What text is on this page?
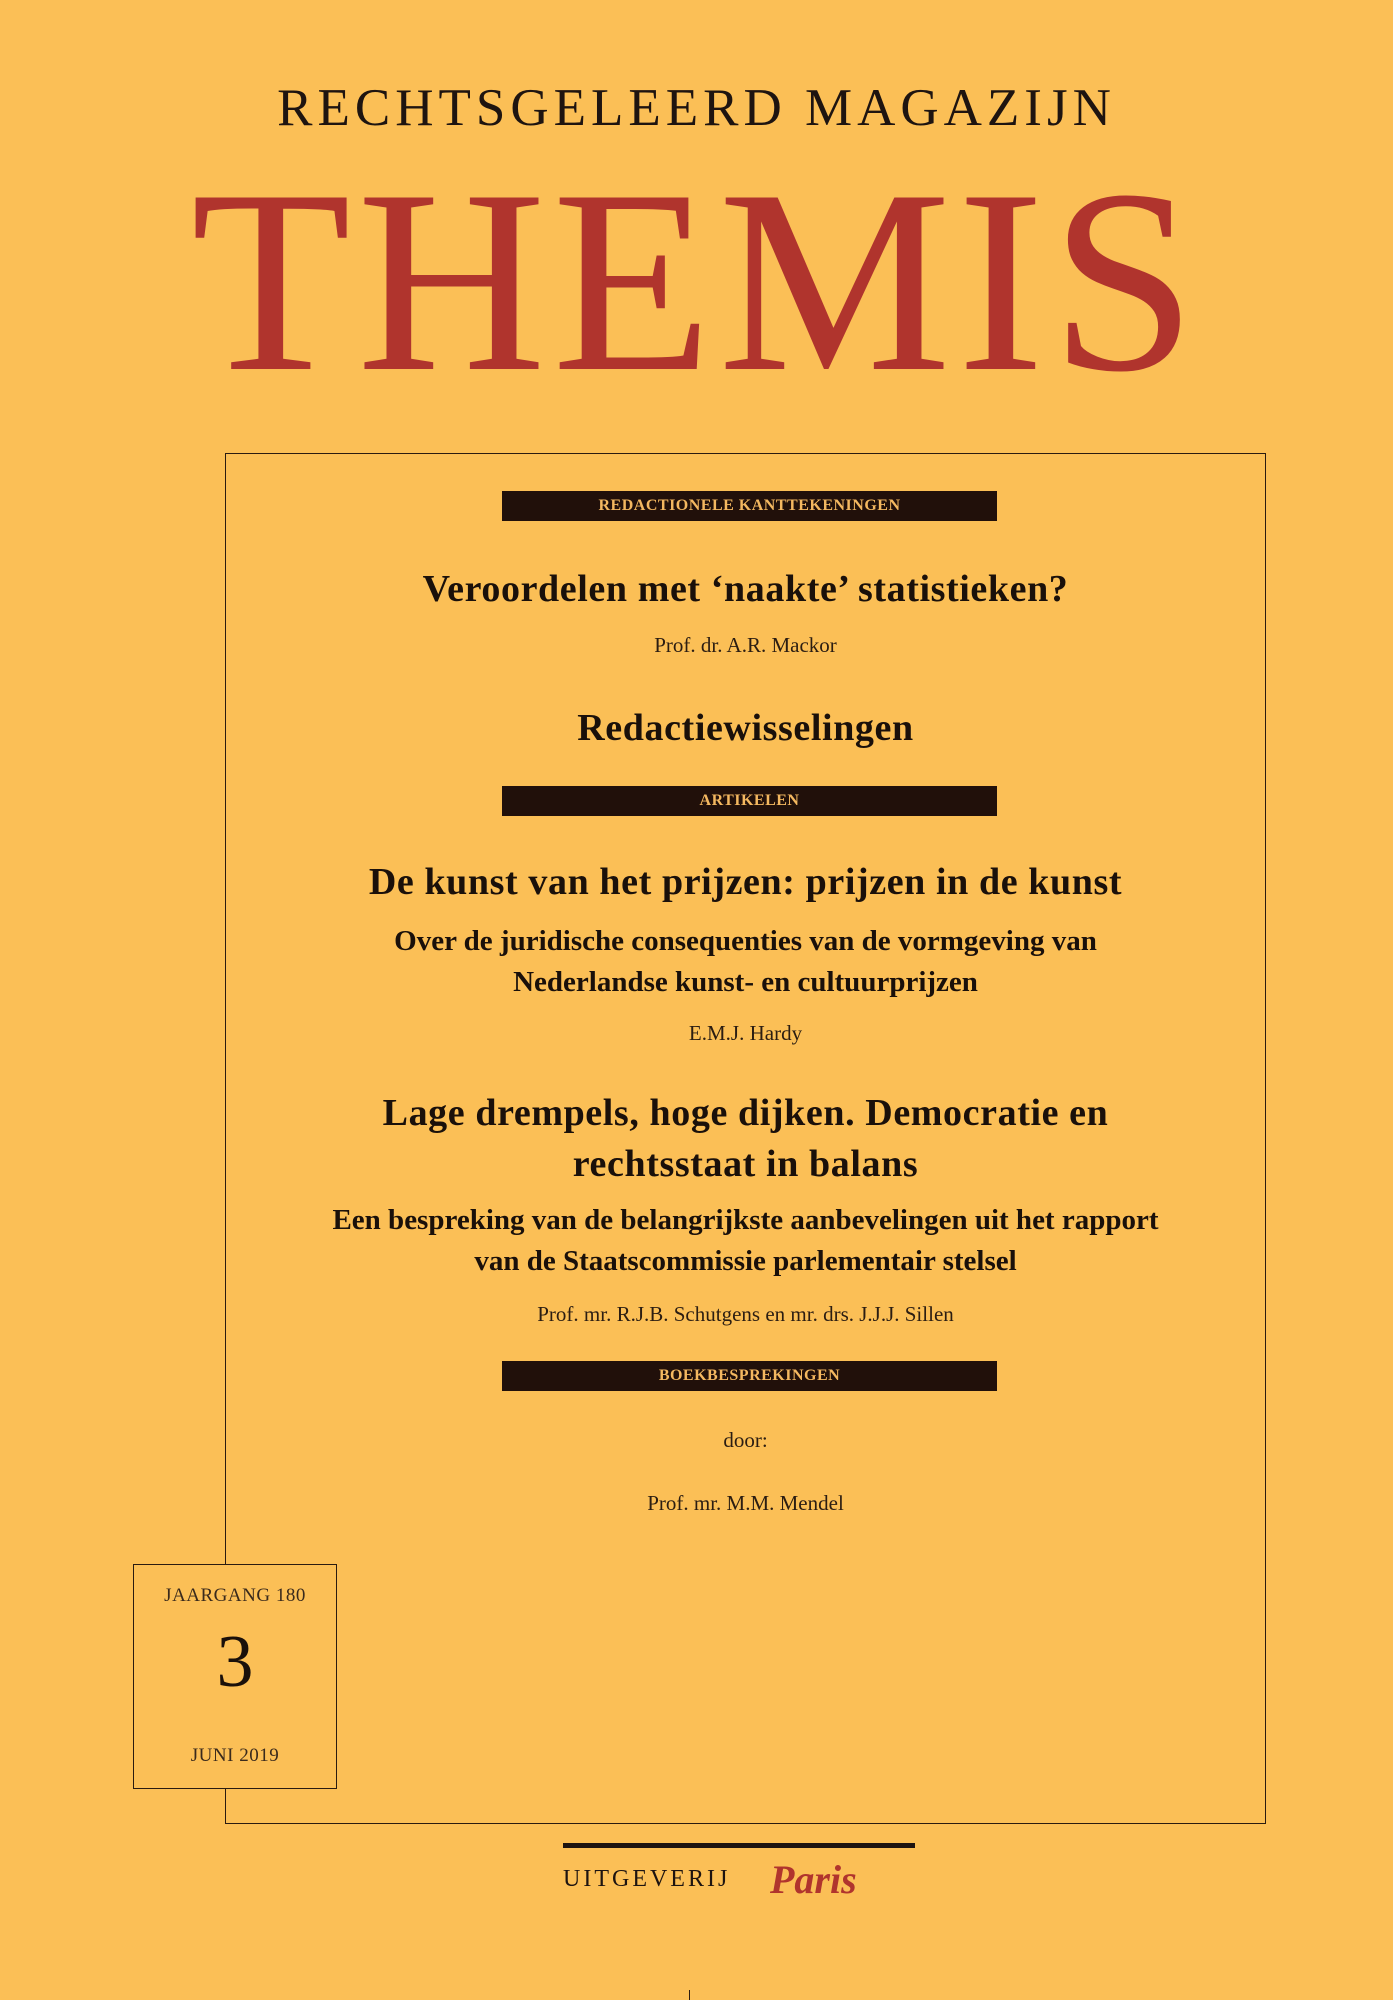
RECHTSGELEERD MAGAZIJN
THEMIS
REDACTIONELE KANTTEKENINGEN
Veroordelen met ‘naakte’ statistieken?
Prof. dr. A.R. Mackor
Redactiewisselingen
ARTIKELEN
De kunst van het prijzen: prijzen in de kunst
Over de juridische consequenties van de vormgeving van
Nederlandse kunst- en cultuurprijzen
E.M.J. Hardy
Lage drempels, hoge dijken. Democratie en
rechtsstaat in balans
Een bespreking van de belangrijkste aanbevelingen uit het rapport
van de Staatscommissie parlementair stelsel
Prof. mr. R.J.B. Schutgens en mr. drs. J.J.J. Sillen
BOEKBESPREKINGEN
door:
Prof. mr. M.M. Mendel
JAARGANG 180
3
JUNI 2019
UITGEVERIJ Paris
